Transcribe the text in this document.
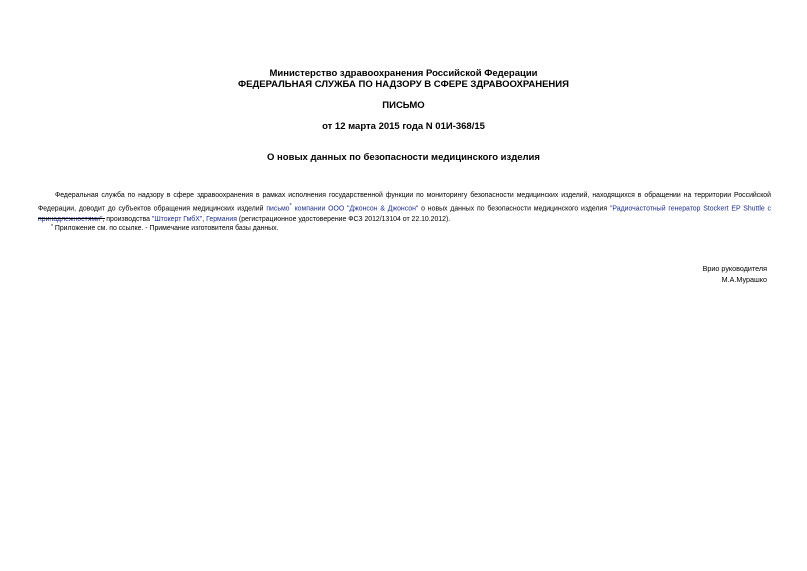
Министерство здравоохранения Российской Федерации
ФЕДЕРАЛЬНАЯ СЛУЖБА ПО НАДЗОРУ В СФЕРЕ ЗДРАВООХРАНЕНИЯ
ПИСЬМО
от 12 марта 2015 года N 01И-368/15
О новых данных по безопасности медицинского изделия

Федеральная служба по надзору в сфере здравоохранения в рамках исполнения государственной функции по мониторингу безопасности медицинских изделий, находящихся в обращении на территории Российской Федерации, доводит до субъектов обращения медицинских изделий письмо* компании ООО "Джонсон & Джонсон" о новых данных по безопасности медицинского изделия "Радиочастотный генератор Stockert EP Shuttle с принадлежностями", производства "Штокерт ГмбХ", Германия (регистрационное удостоверение ФСЗ 2012/13104 от 22.10.2012).

* Приложение см. по ссылке. - Примечание изготовителя базы данных.
Врио руководителя
М.А.Мурашко
